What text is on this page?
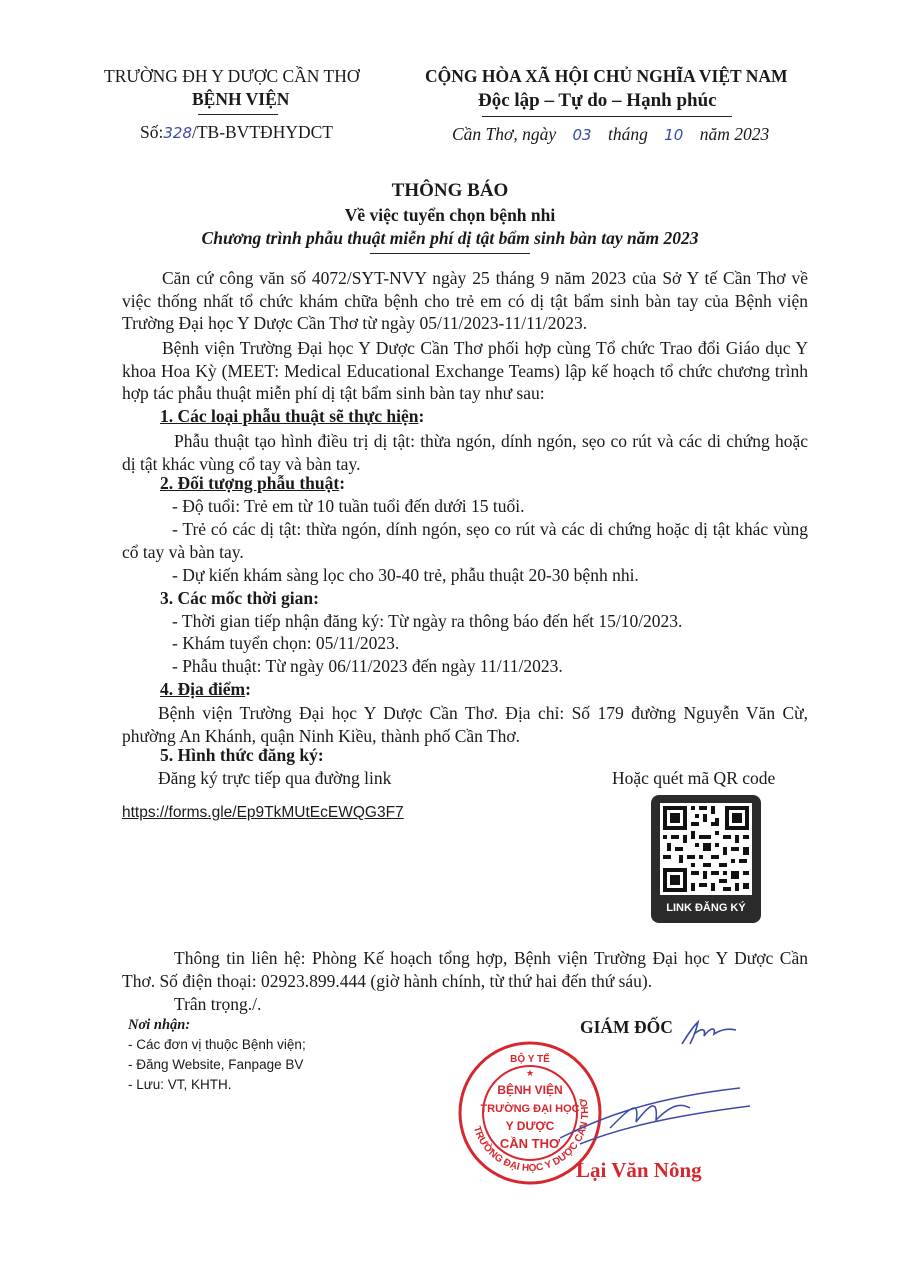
TRƯỜNG ĐH Y DƯỢC CẦN THƠ
BỆNH VIỆN
Số:328/TB-BVTĐHYDCT
CỘNG HÒA XÃ HỘI CHỦ NGHĨA VIỆT NAM
Độc lập – Tự do – Hạnh phúc
Cần Thơ, ngày 03 tháng 10 năm 2023
THÔNG BÁO
Về việc tuyển chọn bệnh nhi
Chương trình phẫu thuật miễn phí dị tật bẩm sinh bàn tay năm 2023
Căn cứ công văn số 4072/SYT-NVY ngày 25 tháng 9 năm 2023 của Sở Y tế Cần Thơ về việc thống nhất tổ chức khám chữa bệnh cho trẻ em có dị tật bẩm sinh bàn tay của Bệnh viện Trường Đại học Y Dược Cần Thơ từ ngày 05/11/2023-11/11/2023.
Bệnh viện Trường Đại học Y Dược Cần Thơ phối hợp cùng Tổ chức Trao đổi Giáo dục Y khoa Hoa Kỳ (MEET: Medical Educational Exchange Teams) lập kế hoạch tổ chức chương trình hợp tác phẫu thuật miễn phí dị tật bẩm sinh bàn tay như sau:
1. Các loại phẫu thuật sẽ thực hiện:
Phẫu thuật tạo hình điều trị dị tật: thừa ngón, dính ngón, sẹo co rút và các di chứng hoặc dị tật khác vùng cổ tay và bàn tay.
2. Đối tượng phẫu thuật:
- Độ tuổi: Trẻ em từ 10 tuần tuổi đến dưới 15 tuổi.
- Trẻ có các dị tật: thừa ngón, dính ngón, sẹo co rút và các di chứng hoặc dị tật khác vùng cổ tay và bàn tay.
- Dự kiến khám sàng lọc cho 30-40 trẻ, phẫu thuật 20-30 bệnh nhi.
3. Các mốc thời gian:
- Thời gian tiếp nhận đăng ký: Từ ngày ra thông báo đến hết 15/10/2023.
- Khám tuyển chọn: 05/11/2023.
- Phẫu thuật: Từ ngày 06/11/2023 đến ngày 11/11/2023.
4. Địa điểm:
Bệnh viện Trường Đại học Y Dược Cần Thơ. Địa chỉ: Số 179 đường Nguyễn Văn Cừ, phường An Khánh, quận Ninh Kiều, thành phố Cần Thơ.
5. Hình thức đăng ký:
Đăng ký trực tiếp qua đường link	Hoặc quét mã QR code
https://forms.gle/Ep9TkMUtEcEWQG3F7
LINK ĐĂNG KÝ
Thông tin liên hệ: Phòng Kế hoạch tổng hợp, Bệnh viện Trường Đại học Y Dược Cần Thơ. Số điện thoại: 02923.899.444 (giờ hành chính, từ thứ hai đến thứ sáu).
Trân trọng./.
Nơi nhận:
- Các đơn vị thuộc Bệnh viện;
- Đăng Website, Fanpage BV
- Lưu: VT, KHTH.
GIÁM ĐỐC
TRƯỜNG ĐẠI HỌC Y DƯỢC CẦN THƠ
BỘ Y TẾ
★
BỆNH VIỆN
TRƯỜNG ĐẠI HỌC
Y DƯỢC
CẦN THƠ
Lại Văn Nông
